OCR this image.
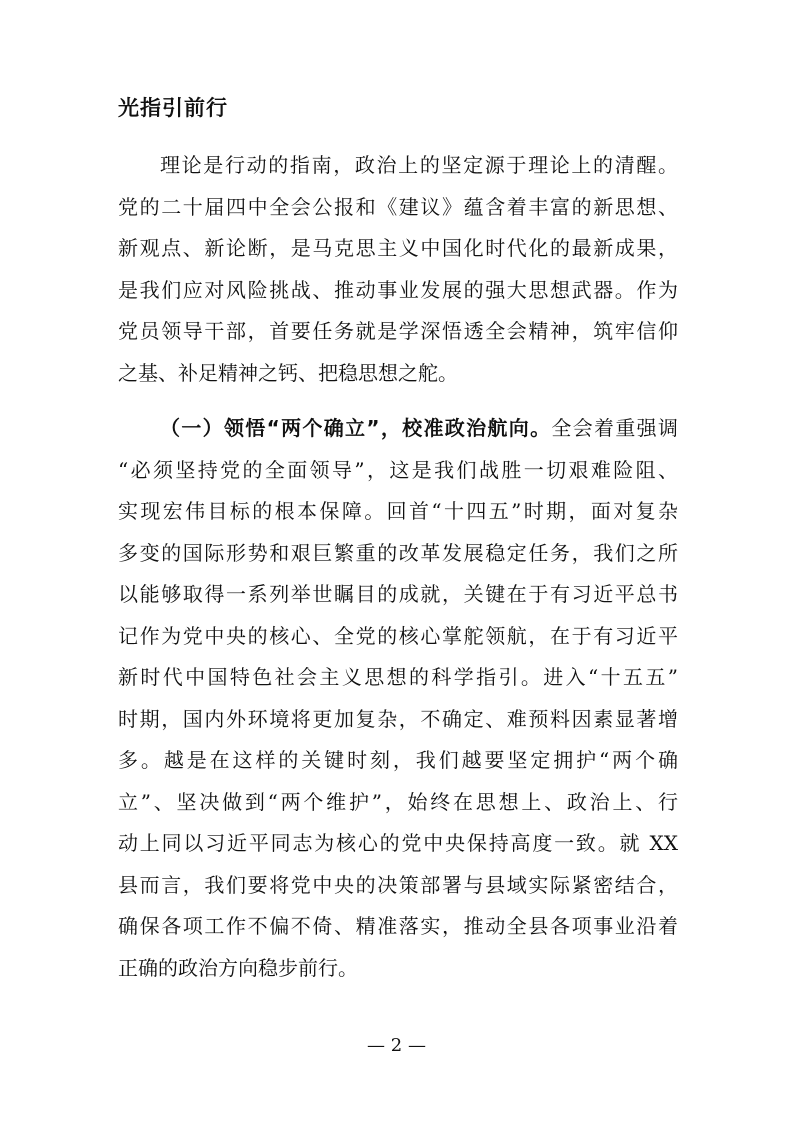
光指引前行
理论是行动的指南，政治上的坚定源于理论上的清醒。
党的二十届四中全会公报和《建议》蕴含着丰富的新思想、
新观点、新论断，是马克思主义中国化时代化的最新成果，
是我们应对风险挑战、推动事业发展的强大思想武器。作为
党员领导干部，首要任务就是学深悟透全会精神，筑牢信仰
之基、补足精神之钙、把稳思想之舵。
（一）领悟“两个确立”，校准政治航向。全会着重强调
“必须坚持党的全面领导”，这是我们战胜一切艰难险阻、
实现宏伟目标的根本保障。回首“十四五”时期，面对复杂
多变的国际形势和艰巨繁重的改革发展稳定任务，我们之所
以能够取得一系列举世瞩目的成就，关键在于有习近平总书
记作为党中央的核心、全党的核心掌舵领航，在于有习近平
新时代中国特色社会主义思想的科学指引。进入“十五五”
时期，国内外环境将更加复杂，不确定、难预料因素显著增
多。越是在这样的关键时刻，我们越要坚定拥护“两个确
立”、坚决做到“两个维护”，始终在思想上、政治上、行
动上同以习近平同志为核心的党中央保持高度一致。就 XX
县而言，我们要将党中央的决策部署与县域实际紧密结合，
确保各项工作不偏不倚、精准落实，推动全县各项事业沿着
正确的政治方向稳步前行。
— 2 —
